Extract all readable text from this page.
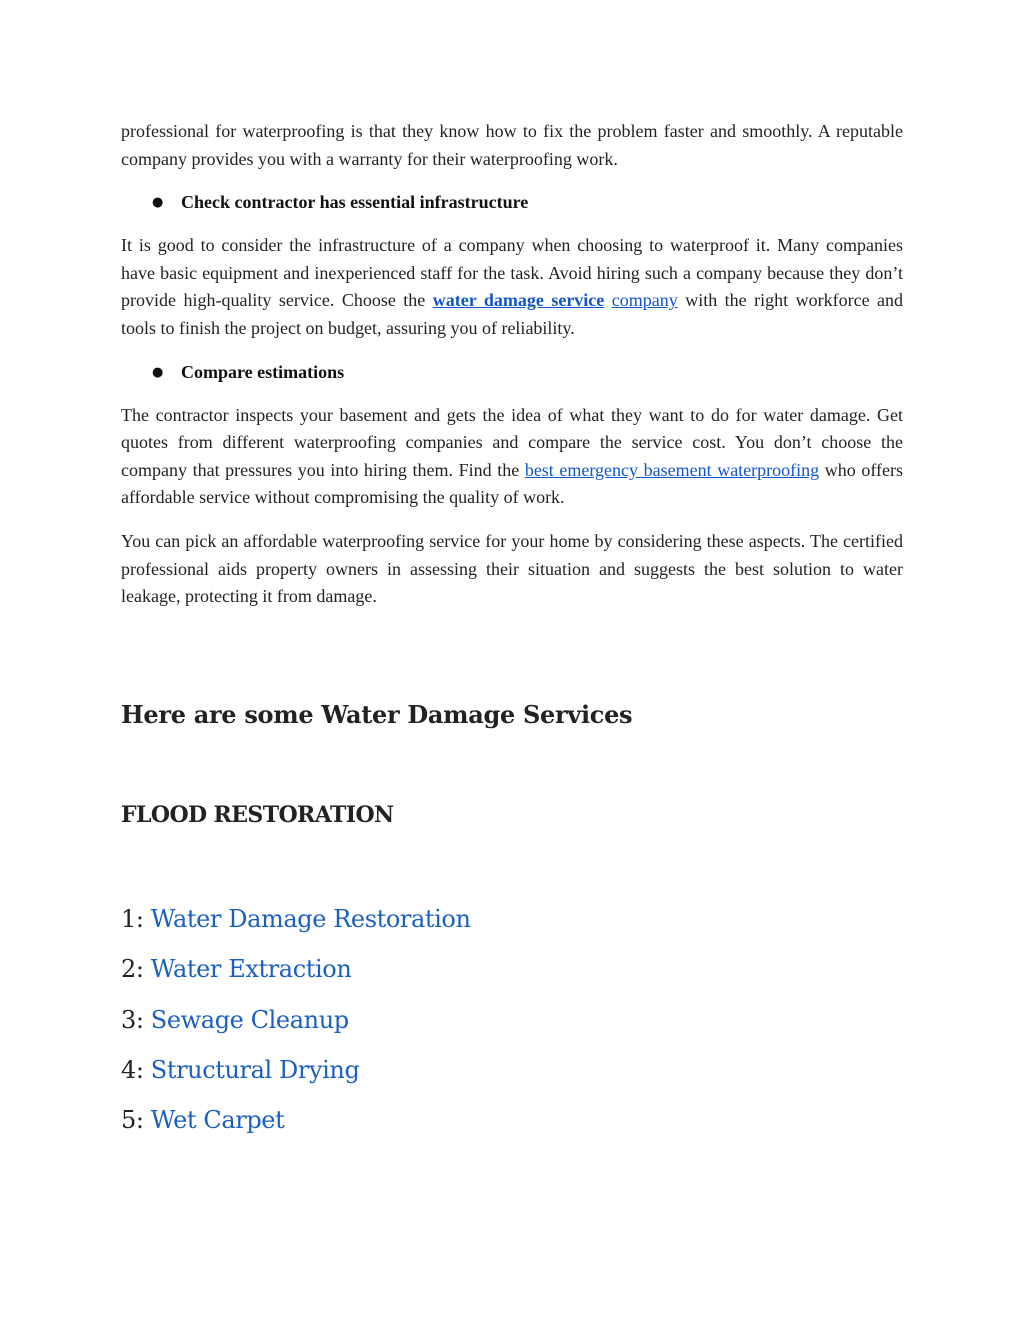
professional for waterproofing is that they know how to fix the problem faster and smoothly. A reputable company provides you with a warranty for their waterproofing work.

● Check contractor has essential infrastructure

It is good to consider the infrastructure of a company when choosing to waterproof it. Many companies have basic equipment and inexperienced staff for the task. Avoid hiring such a company because they don’t provide high-quality service. Choose the water damage service company with the right workforce and tools to finish the project on budget, assuring you of reliability.

● Compare estimations

The contractor inspects your basement and gets the idea of what they want to do for water damage. Get quotes from different waterproofing companies and compare the service cost. You don’t choose the company that pressures you into hiring them. Find the best emergency basement waterproofing who offers affordable service without compromising the quality of work.

You can pick an affordable waterproofing service for your home by considering these aspects. The certified professional aids property owners in assessing their situation and suggests the best solution to water leakage, protecting it from damage.

Here are some Water Damage Services
FLOOD RESTORATION
1: Water Damage Restoration
2: Water Extraction
3: Sewage Cleanup
4: Structural Drying
5: Wet Carpet
